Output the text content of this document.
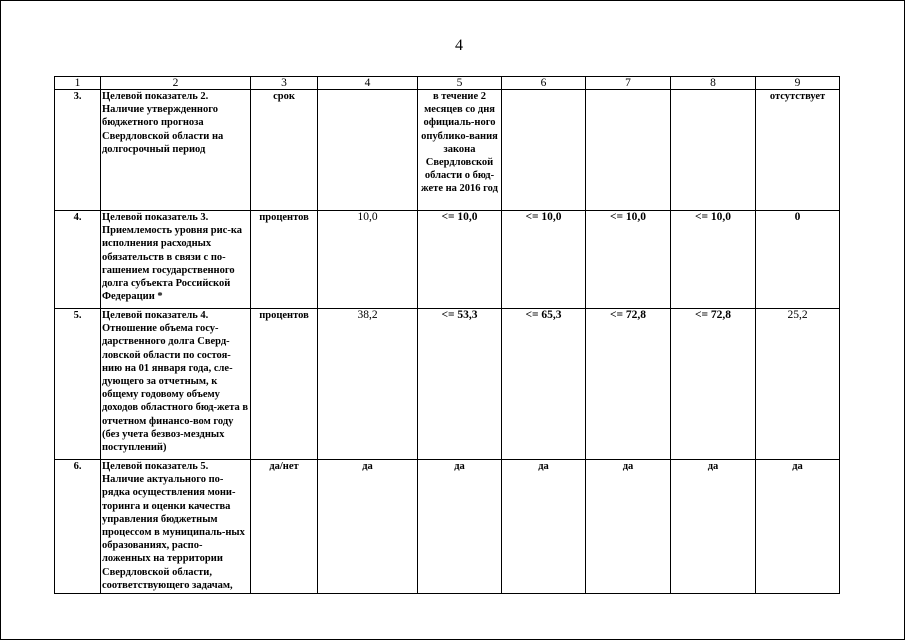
4
1	2	3	4	5	6	7	8	9
3.	Целевой показатель 2. Наличие утвержденного бюджетного прогноза Свердловской области на долгосрочный период	срок		в течение 2 месяцев со дня официаль-ного опублико-вания закона Свердловской области о бюд-жете на 2016 год				отсутствует
4.	Целевой показатель 3. Приемлемость уровня рис-ка исполнения расходных обязательств в связи с по-гашением государственного долга субъекта Российской Федерации *	процентов	10,0	<= 10,0	<= 10,0	<= 10,0	<= 10,0	0
5.	Целевой показатель 4. Отношение объема госу-дарственного долга Сверд-ловской области по состоя-нию на 01 января года, сле-дующего за отчетным, к общему годовому объему доходов областного бюд-жета в отчетном финансо-вом году (без учета безвоз-мездных поступлений)	процентов	38,2	<= 53,3	<= 65,3	<= 72,8	<= 72,8	25,2
6.	Целевой показатель 5. Наличие актуального по-рядка осуществления мони-торинга и оценки качества управления бюджетным процессом в муниципаль-ных образованиях, распо-ложенных на территории Свердловской области, соответствующего задачам,	да/нет	да	да	да	да	да	да
